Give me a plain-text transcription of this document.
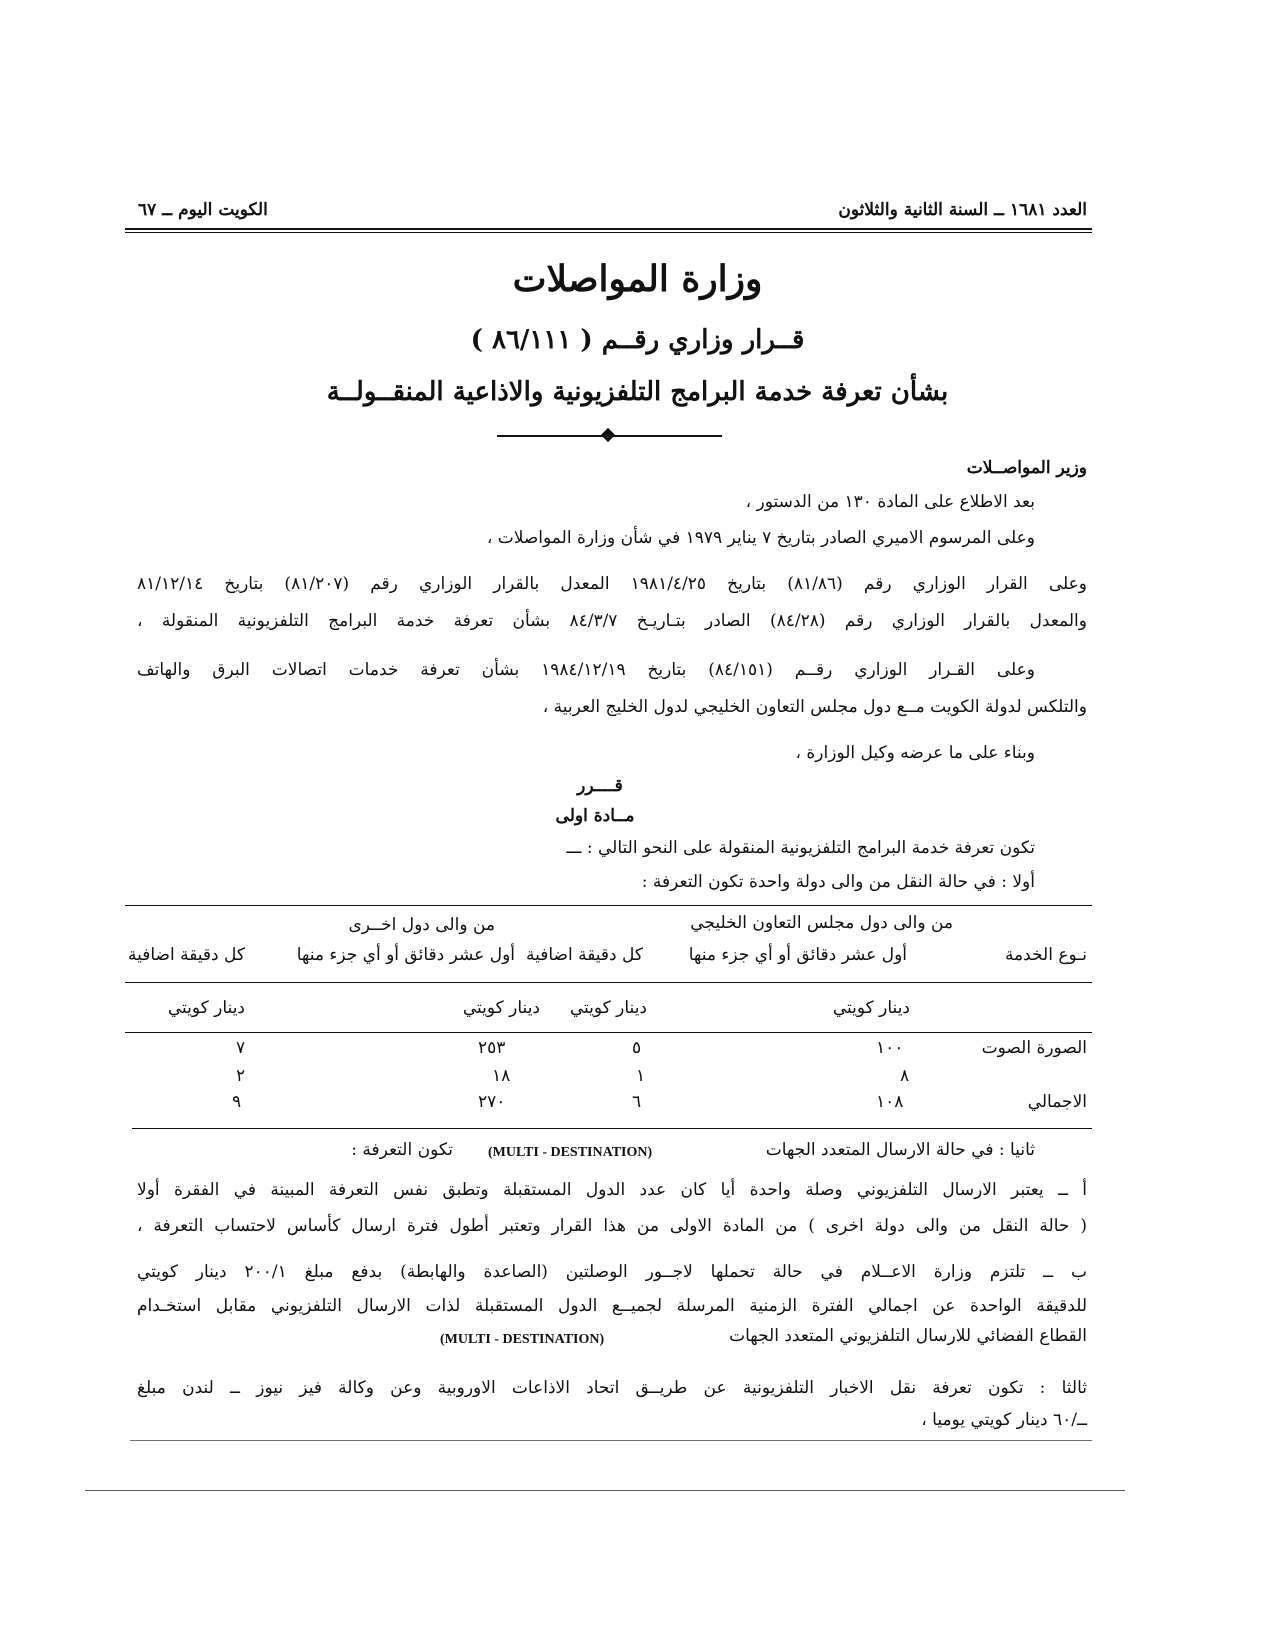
العدد ١٦٨١ ــ السنة الثانية والثلاثون
الكويت اليوم ــ ٦٧
وزارة المواصلات
قــرار وزاري رقــم ( ٨٦/١١١ )
بشأن تعرفة خدمة البرامج التلفزيونية والاذاعية المنقــولــة
وزير المواصــلات
بعد الاطلاع على المادة ١٣٠ من الدستور ،
وعلى المرسوم الاميري الصادر بتاريخ ٧ يناير ١٩٧٩ في شأن وزارة المواصلات ،
وعلى القرار الوزاري رقم (٨١/٨٦) بتاريخ ١٩٨١/٤/٢٥ المعدل بالقرار الوزاري رقم (٨١/٢٠٧) بتاريخ ٨١/١٢/١٤
والمعدل بالقرار الوزاري رقم (٨٤/٢٨) الصادر بتـاريـخ ٨٤/٣/٧ بشأن تعرفة خدمة البرامج التلفزيونية المنقولة ،
وعلى القـرار الوزاري رقــم (٨٤/١٥١) بتاريخ ١٩٨٤/١٢/١٩ بشأن تعرفة خدمات اتصالات البرق والهاتف
والتلكس لدولة الكويت مــع دول مجلس التعاون الخليجي لدول الخليج العربية ،
وبناء على ما عرضه وكيل الوزارة ،
قــــرر
مــادة اولى
تكون تعرفة خدمة البرامج التلفزيونية المنقولة على النحو التالي : ـــ
أولا : في حالة النقل من والى دولة واحدة تكون التعرفة :
من والى دول مجلس التعاون الخليجي
من والى دول اخــرى
نـوع الخدمة
أول عشر دقائق أو أي جزء منها
كل دقيقة اضافية
أول عشر دقائق أو أي جزء منها
كل دقيقة اضافية
دينار كويتي
دينار كويتي
دينار كويتي
دينار كويتي
الصورة الصوت
١٠٠
٥
٢٥٣
٧
٨
١
١٨
٢
الاجمالي
١٠٨
٦
٢٧٠
٩
ثانيا : في حالة الارسال المتعدد الجهات
(MULTI - DESTINATION)
تكون التعرفة :
أ ــ يعتبر الارسال التلفزيوني وصلة واحدة أيا كان عدد الدول المستقبلة وتطبق نفس التعرفة المبينة في الفقرة أولا
( حالة النقل من والى دولة اخرى ) من المادة الاولى من هذا القرار وتعتبر أطول فترة ارسال كأساس لاحتساب التعرفة ،
ب ــ تلتزم وزارة الاعــلام في حالة تحملها لاجــور الوصلتين (الصاعدة والهابطة) بدفع مبلغ ٢٠٠/١ دينار كويتي
للدقيقة الواحدة عن اجمالي الفترة الزمنية المرسلة لجميــع الدول المستقبلة لذات الارسال التلفزيوني مقابل استخـدام
القطاع الفضائي للارسال التلفزيوني المتعدد الجهات
(MULTI - DESTINATION)
ثالثا : تكون تعرفة نقل الاخبار التلفزيونية عن طريــق اتحاد الاذاعات الاوروبية وعن وكالة فيز نيوز ــ لندن مبلغ
ــ/٦٠ دينار كويتي يوميا ،
